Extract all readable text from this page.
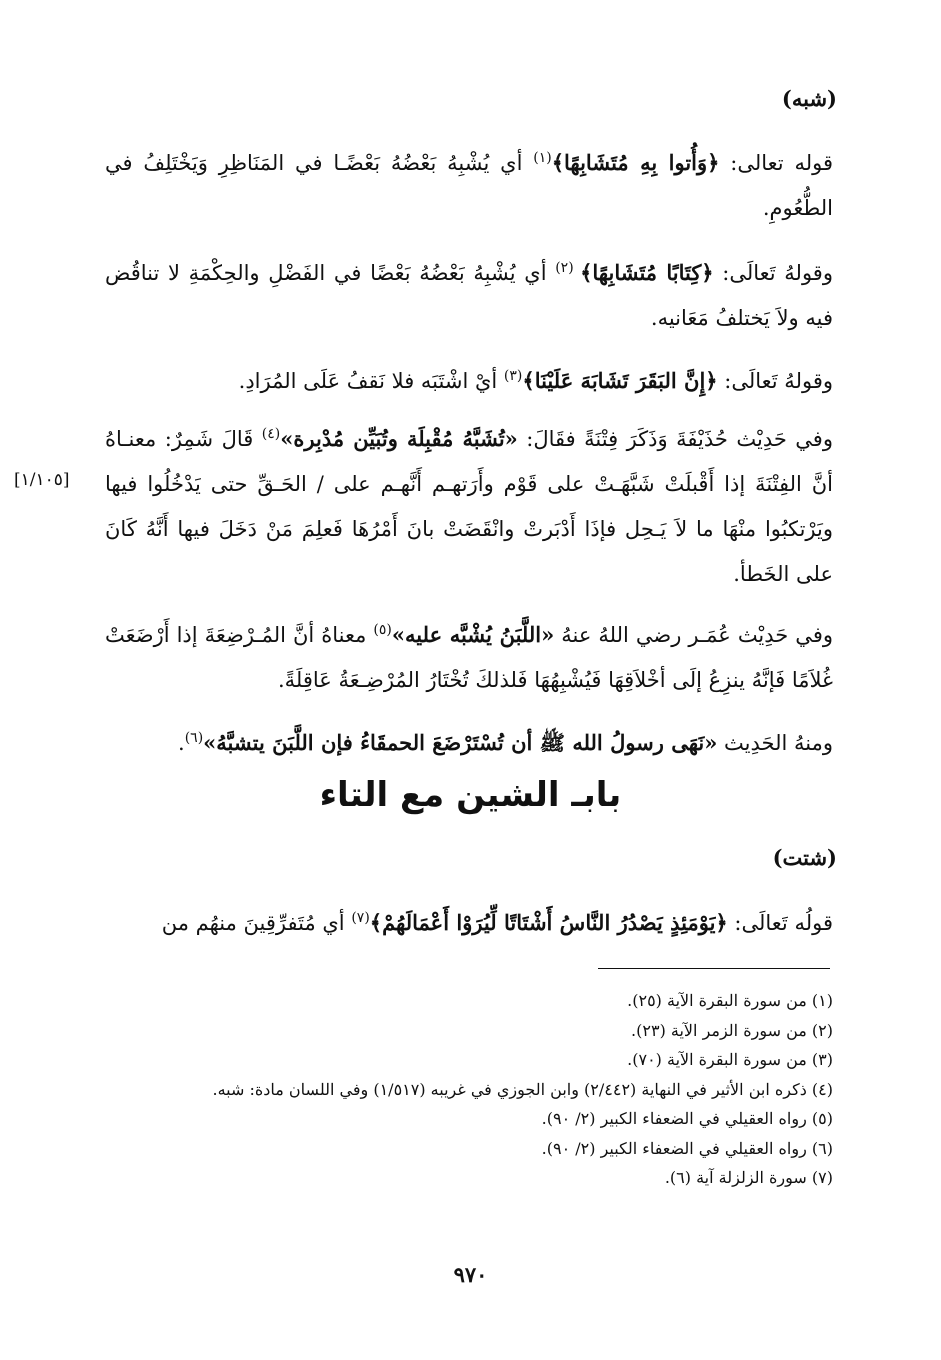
(شبه)
قوله تعالى: ﴿وَأُتوا بِهِ مُتَشَابِهًا﴾$^{(١)}$ أي يُشْبِهُ بَعْضُهُ بَعْضًـا في المَنَاظِرِ وَيَخْتَلِفُ في الطُّعُومِ.
وقولهُ تَعالَى: ﴿كِتَابًا مُتَشَابِهًا﴾ $^{(٢)}$ أي يُشْبِهُ بَعْضُهُ بَعْضًا في الفَضْلِ والحِكْمَةِ لا تناقُض فيه ولاَ يَختلفُ مَعَانيه.
وقولهُ تَعالَى: ﴿إِنَّ البَقَرَ تَشَابَهَ عَلَيْنَا﴾$^{(٣)}$ أيْ اشْتَبَه فلا نَقفُ عَلَى المُرَادِ.
[١/١٠٥]
وفي حَدِيْث حُذَيْفَةَ وَذَكَرَ فِتْنَةً فقَالَ: «تُشَبَّهُ مُقْبِلَة وتُبَيِّن مُدْبِرة»$^{(٤)}$ قَالَ شَمِرٌ: معنـاهُ أنَّ الفِتْنَةَ إذا أَقْبلَتْ شَبَّهَـتْ على قَوْم وأَرَتهـم أَنَّهـم على / الحَـقِّ حتى يَدْخُلُوا فيها ويَرْتكبُوا منْهَا ما لاَ يَـحِل فإذَا أَدْبَرتْ وانْقَضَتْ بانَ أَمْرُهَا فَعلِمَ مَنْ دَخَلَ فيها أَنَّهُ كَانَ على الخَطأ.
وفي حَدِيْث عُمَـر رضي اللهُ عنهُ «اللَّبَنُ يُشْبَّه عليه»$^{(٥)}$ معناهُ أنَّ المُـرْضِعَةَ إذا أَرْضَعَتْ غُلاَمًا فَإنَّهُ ينزِعُ إلَى أخْلاَقِهَا فَيُشْبِهُهَا فَلذلكَ تُخْتَارُ المُرْضِـعَةُ عَاقِلَةً.
ومنهُ الحَدِيث «نَهَى رسولُ الله ﷺ أن تُسْتَرْضَعَ الحمقَاءُ فإن اللَّبَنَ يتشبَّهُ»$^{(٦)}$.
بابـ الشين مع التاء
(شتت)
قولُه تَعالَى: ﴿يَوْمَئِذٍ يَصْدُرُ النَّاسُ أَشْتَاتًا لِّيُرَوْا أَعْمَالَهُمْ﴾$^{(٧)}$ أي مُتَفرِّقِينَ منهُم من
(١) من سورة البقرة الآية (٢٥).
(٢) من سورة الزمر الآية (٢٣).
(٣) من سورة البقرة الآية (٧٠).
(٤) ذكره ابن الأثير في النهاية (٢/٤٤٢) وابن الجوزي في غريبه (١/٥١٧) وفي اللسان مادة: شبه.
(٥) رواه العقيلي في الضعفاء الكبير (٢/ ٩٠).
(٦) رواه العقيلي في الضعفاء الكبير (٢/ ٩٠).
(٧) سورة الزلزلة آية (٦).
٩٧٠
